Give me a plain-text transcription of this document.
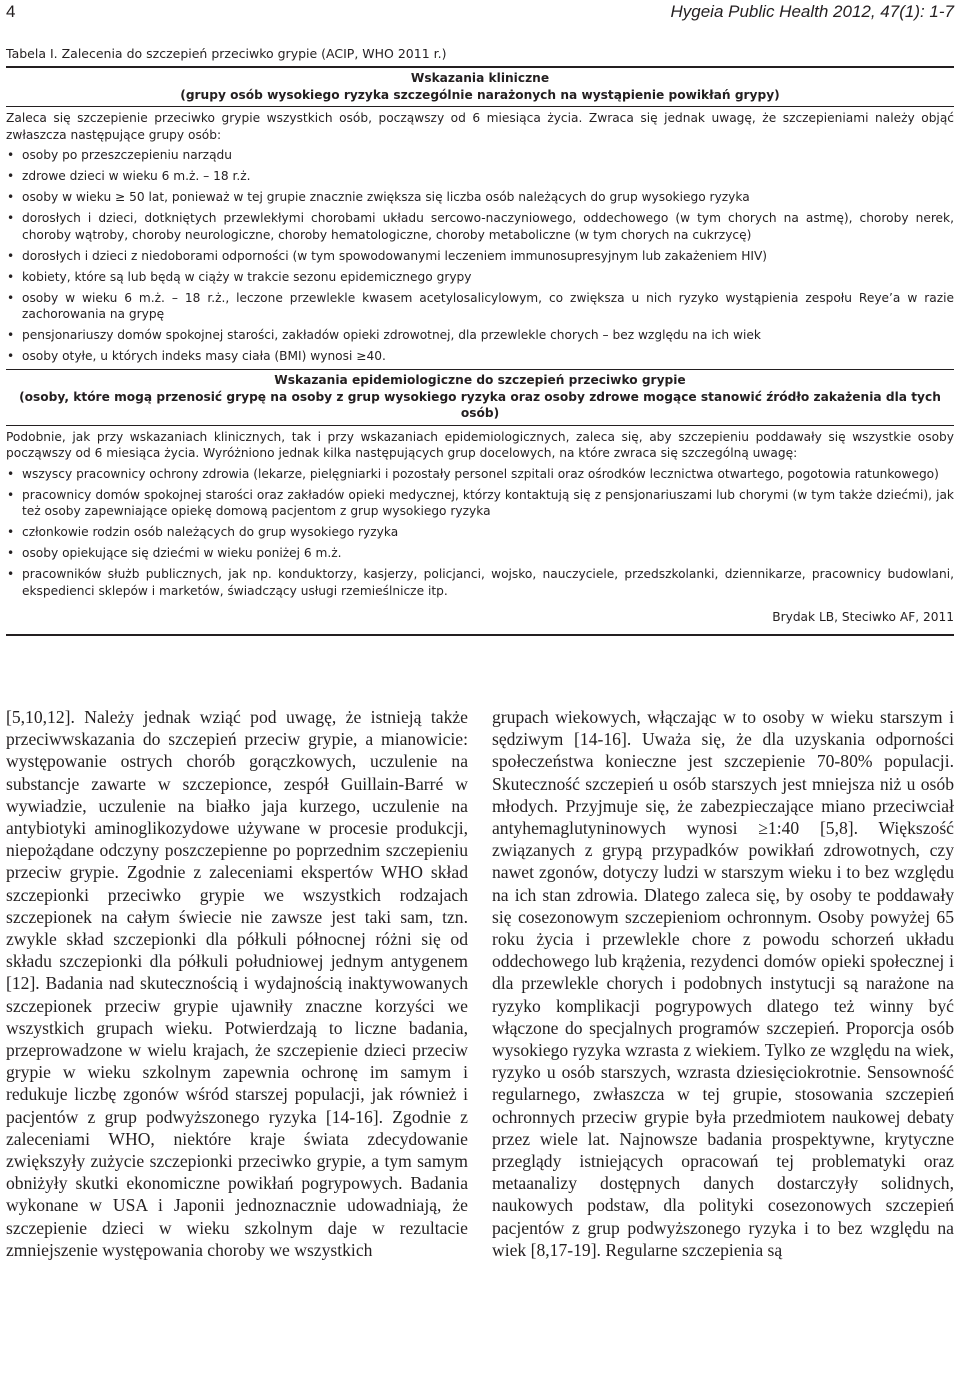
4	Hygeia Public Health 2012, 47(1): 1-7
Tabela I. Zalecenia do szczepień przeciwko grypie (ACIP, WHO 2011 r.)
Wskazania kliniczne
(grupy osób wysokiego ryzyka szczególnie narażonych na wystąpienie powikłań grypy)
Zaleca się szczepienie przeciwko grypie wszystkich osób, począwszy od 6 miesiąca życia. Zwraca się jednak uwagę, że szczepieniami należy objąć zwłaszcza następujące grupy osób:
• osoby po przeszczepieniu narządu
• zdrowe dzieci w wieku 6 m.ż. – 18 r.ż.
• osoby w wieku ≥ 50 lat, ponieważ w tej grupie znacznie zwiększa się liczba osób należących do grup wysokiego ryzyka
• dorosłych i dzieci, dotkniętych przewlekłymi chorobami układu sercowo-naczyniowego, oddechowego (w tym chorych na astmę), choroby nerek, choroby wątroby, choroby neurologiczne, choroby hematologiczne, choroby metaboliczne (w tym chorych na cukrzycę)
• dorosłych i dzieci z niedoborami odporności (w tym spowodowanymi leczeniem immunosupresyjnym lub zakażeniem HIV)
• kobiety, które są lub będą w ciąży w trakcie sezonu epidemicznego grypy
• osoby w wieku 6 m.ż. – 18 r.ż., leczone przewlekle kwasem acetylosalicylowym, co zwiększa u nich ryzyko wystąpienia zespołu Reye’a w razie zachorowania na grypę
• pensjonariuszy domów spokojnej starości, zakładów opieki zdrowotnej, dla przewlekle chorych – bez względu na ich wiek
• osoby otyłe, u których indeks masy ciała (BMI) wynosi ≥40.
Wskazania epidemiologiczne do szczepień przeciwko grypie
(osoby, które mogą przenosić grypę na osoby z grup wysokiego ryzyka oraz osoby zdrowe mogące stanowić źródło zakażenia dla tych osób)
Podobnie, jak przy wskazaniach klinicznych, tak i przy wskazaniach epidemiologicznych, zaleca się, aby szczepieniu poddawały się wszystkie osoby począwszy od 6 miesiąca życia. Wyróżniono jednak kilka następujących grup docelowych, na które zwraca się szczególną uwagę:
• wszyscy pracownicy ochrony zdrowia (lekarze, pielęgniarki i pozostały personel szpitali oraz ośrodków lecznictwa otwartego, pogotowia ratunkowego)
• pracownicy domów spokojnej starości oraz zakładów opieki medycznej, którzy kontaktują się z pensjonariuszami lub chorymi (w tym także dziećmi), jak też osoby zapewniające opiekę domową pacjentom z grup wysokiego ryzyka
• członkowie rodzin osób należących do grup wysokiego ryzyka
• osoby opiekujące się dziećmi w wieku poniżej 6 m.ż.
• pracowników służb publicznych, jak np. konduktorzy, kasjerzy, policjanci, wojsko, nauczyciele, przedszkolanki, dziennikarze, pracownicy budowlani, ekspedienci sklepów i marketów, świadczący usługi rzemieślnicze itp.
Brydak LB, Steciwko AF, 2011
[5,10,12]. Należy jednak wziąć pod uwagę, że istnieją także przeciwwskazania do szczepień przeciw grypie, a mianowicie: występowanie ostrych chorób gorączkowych, uczulenie na substancje zawarte w szczepionce, zespół Guillain-Barré w wywiadzie, uczulenie na białko jaja kurzego, uczulenie na antybiotyki aminoglikozydowe używane w procesie produkcji, niepożądane odczyny poszczepienne po poprzednim szczepieniu przeciw grypie. Zgodnie z zaleceniami ekspertów WHO skład szczepionki przeciwko grypie we wszystkich rodzajach szczepionek na całym świecie nie zawsze jest taki sam, tzn. zwykle skład szczepionki dla półkuli północnej różni się od składu szczepionki dla półkuli południowej jednym antygenem [12]. Badania nad skutecznością i wydajnością inaktywowanych szczepionek przeciw grypie ujawniły znaczne korzyści we wszystkich grupach wieku. Potwierdzają to liczne badania, przeprowadzone w wielu krajach, że szczepienie dzieci przeciw grypie w wieku szkolnym zapewnia ochronę im samym i redukuje liczbę zgonów wśród starszej populacji, jak również i pacjentów z grup podwyższonego ryzyka [14-16]. Zgodnie z zaleceniami WHO, niektóre kraje świata zdecydowanie zwiększyły zużycie szczepionki przeciwko grypie, a tym samym obniżyły skutki ekonomiczne powikłań pogrypowych. Badania wykonane w USA i Japonii jednoznacznie udowadniają, że szczepienie dzieci w wieku szkolnym daje w rezultacie zmniejszenie występowania choroby we wszystkich
grupach wiekowych, włączając w to osoby w wieku starszym i sędziwym [14-16]. Uważa się, że dla uzyskania odporności społeczeństwa konieczne jest szczepienie 70-80% populacji. Skuteczność szczepień u osób starszych jest mniejsza niż u osób młodych. Przyjmuje się, że zabezpieczające miano przeciwciał antyhemaglutyninowych wynosi ≥1:40 [5,8]. Większość związanych z grypą przypadków powikłań zdrowotnych, czy nawet zgonów, dotyczy ludzi w starszym wieku i to bez względu na ich stan zdrowia. Dlatego zaleca się, by osoby te poddawały się cosezonowym szczepieniom ochronnym. Osoby powyżej 65 roku życia i przewlekle chore z powodu schorzeń układu oddechowego lub krążenia, rezydenci domów opieki społecznej i dla przewlekle chorych i podobnych instytucji są narażone na ryzyko komplikacji pogrypowych dlatego też winny być włączone do specjalnych programów szczepień. Proporcja osób wysokiego ryzyka wzrasta z wiekiem. Tylko ze względu na wiek, ryzyko u osób starszych, wzrasta dziesięciokrotnie. Sensowność regularnego, zwłaszcza w tej grupie, stosowania szczepień ochronnych przeciw grypie była przedmiotem naukowej debaty przez wiele lat. Najnowsze badania prospektywne, krytyczne przeglądy istniejących opracowań tej problematyki oraz metaanalizy dostępnych danych dostarczyły solidnych, naukowych podstaw, dla polityki cosezonowych szczepień pacjentów z grup podwyższonego ryzyka i to bez względu na wiek [8,17-19]. Regularne szczepienia są
